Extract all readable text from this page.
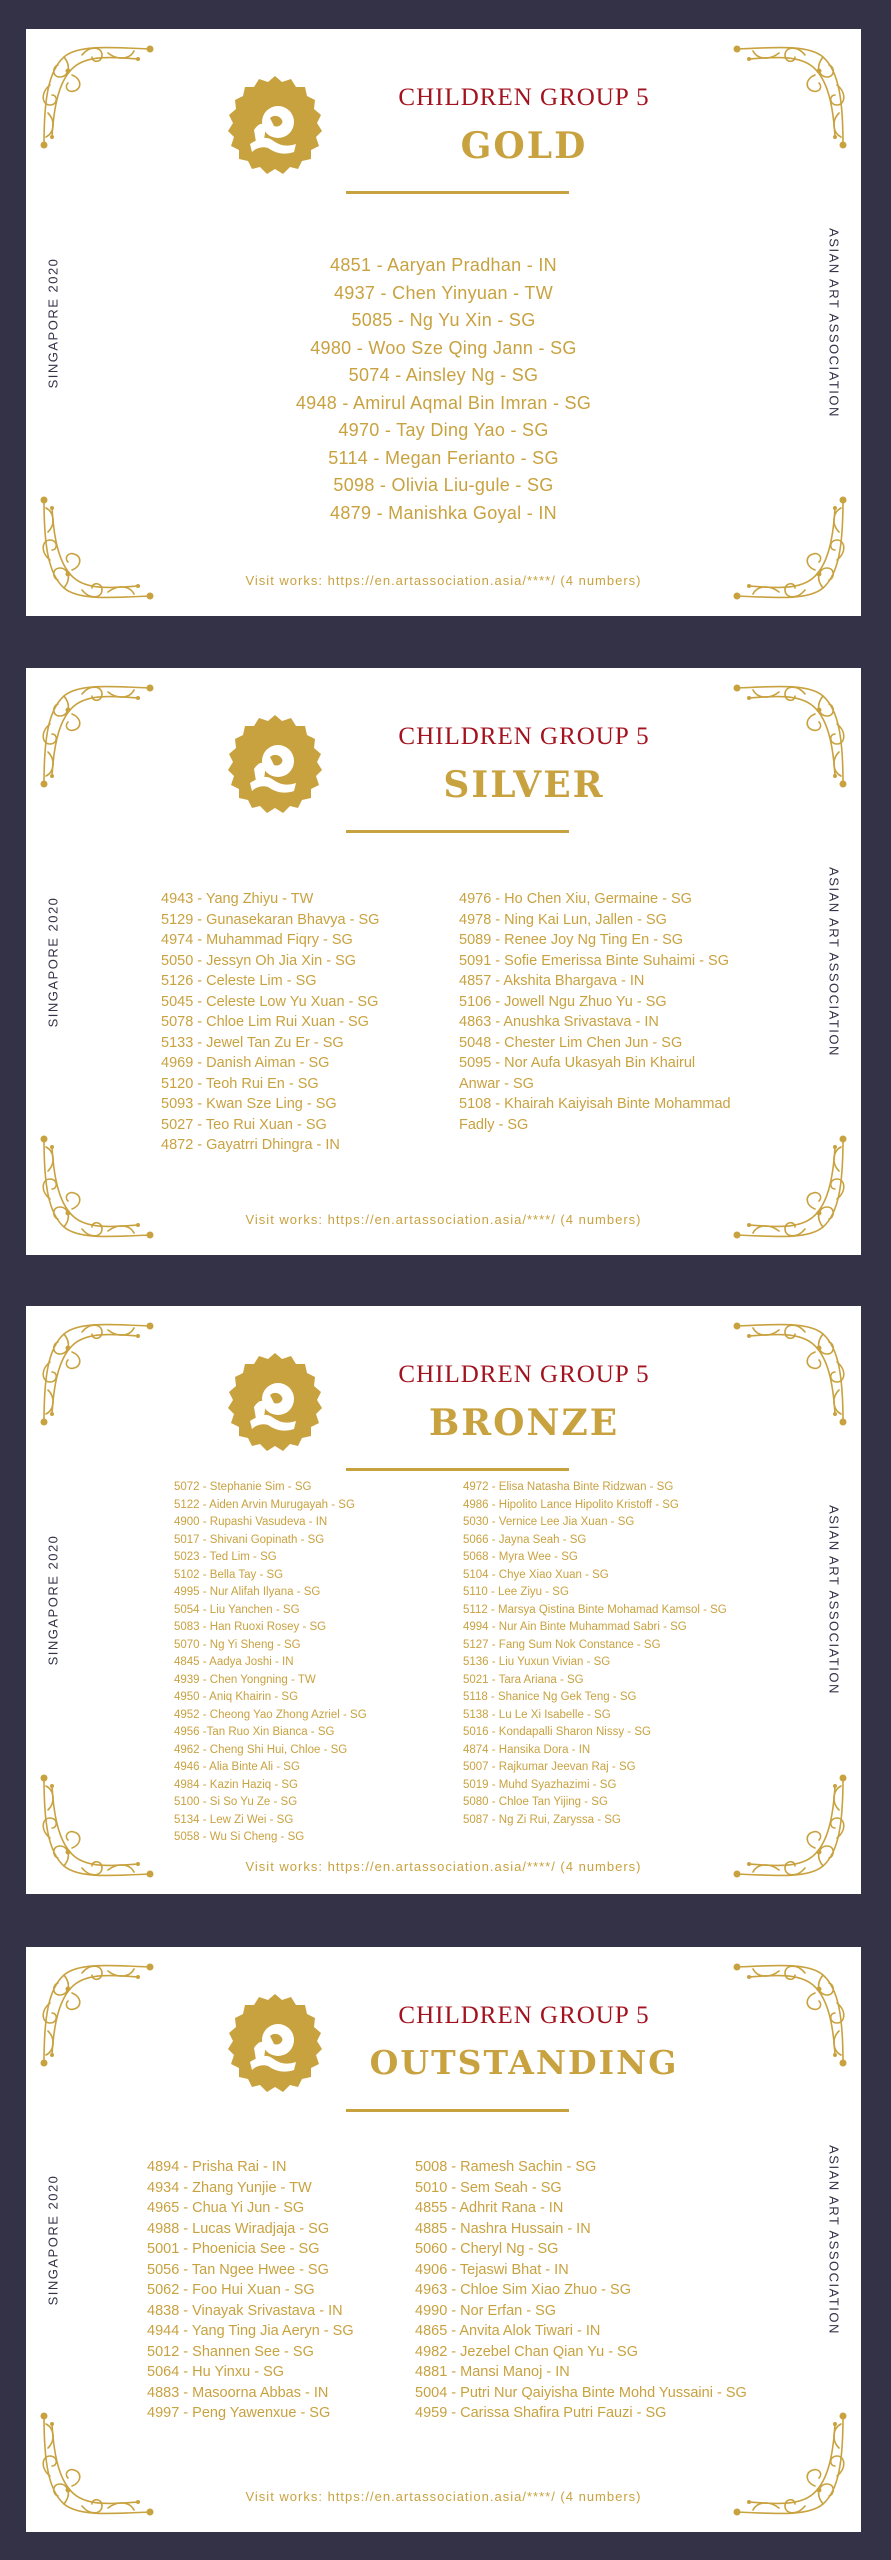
SINGAPORE 2020	ASIAN ART ASSOCIATION
CHILDREN GROUP 5
GOLD
4851 - Aaryan Pradhan - IN
4937 - Chen Yinyuan - TW
5085 - Ng Yu Xin - SG
4980 - Woo Sze Qing Jann - SG
5074 - Ainsley Ng - SG
4948 - Amirul Aqmal Bin Imran - SG
4970 - Tay Ding Yao - SG
5114 - Megan Ferianto - SG
5098 - Olivia Liu-gule - SG
4879 - Manishka Goyal - IN
Visit works: https://en.artassociation.asia/****/ (4 numbers)
SINGAPORE 2020	ASIAN ART ASSOCIATION
CHILDREN GROUP 5
SILVER
4943 - Yang Zhiyu - TW
5129 - Gunasekaran Bhavya - SG
4974 - Muhammad Fiqry - SG
5050 - Jessyn Oh Jia Xin - SG
5126 - Celeste Lim - SG
5045 - Celeste Low Yu Xuan - SG
5078 - Chloe Lim Rui Xuan - SG
5133 - Jewel Tan Zu Er - SG
4969 - Danish Aiman - SG
5120 - Teoh Rui En - SG
5093 - Kwan Sze Ling - SG
5027 - Teo Rui Xuan - SG
4872 - Gayatrri Dhingra - IN
4976 - Ho Chen Xiu, Germaine - SG
4978 - Ning Kai Lun, Jallen - SG
5089 - Renee Joy Ng Ting En - SG
5091 - Sofie Emerissa Binte Suhaimi - SG
4857 - Akshita Bhargava - IN
5106 - Jowell Ngu Zhuo Yu - SG
4863 - Anushka Srivastava - IN
5048 - Chester Lim Chen Jun - SG
5095 - Nor Aufa Ukasyah Bin Khairul
Anwar - SG
5108 - Khairah Kaiyisah Binte Mohammad
Fadly - SG
Visit works: https://en.artassociation.asia/****/ (4 numbers)
SINGAPORE 2020	ASIAN ART ASSOCIATION
CHILDREN GROUP 5
BRONZE
5072 - Stephanie Sim - SG
5122 - Aiden Arvin Murugayah - SG
4900 - Rupashi Vasudeva - IN
5017 - Shivani Gopinath - SG
5023 - Ted Lim - SG
5102 - Bella Tay - SG
4995 - Nur Alifah Ilyana - SG
5054 - Liu Yanchen - SG
5083 - Han Ruoxi Rosey - SG
5070 - Ng Yi Sheng - SG
4845 - Aadya Joshi - IN
4939 - Chen Yongning - TW
4950 - Aniq Khairin - SG
4952 - Cheong Yao Zhong Azriel - SG
4956 -Tan Ruo Xin Bianca - SG
4962 - Cheng Shi Hui, Chloe - SG
4946 - Alia Binte Ali - SG
4984 - Kazin Haziq - SG
5100 - Si So Yu Ze - SG
5134 - Lew Zi Wei - SG
5058 - Wu Si Cheng - SG
4972 - Elisa Natasha Binte Ridzwan - SG
4986 - Hipolito Lance Hipolito Kristoff - SG
5030 - Vernice Lee Jia Xuan - SG
5066 - Jayna Seah - SG
5068 - Myra Wee - SG
5104 - Chye Xiao Xuan - SG
5110 - Lee Ziyu - SG
5112 - Marsya Qistina Binte Mohamad Kamsol - SG
4994 - Nur Ain Binte Muhammad Sabri - SG
5127 - Fang Sum Nok Constance - SG
5136 - Liu Yuxun Vivian - SG
5021 - Tara Ariana - SG
5118 - Shanice Ng Gek Teng - SG
5138 - Lu Le Xi Isabelle - SG
5016 - Kondapalli Sharon Nissy - SG
4874 - Hansika Dora - IN
5007 - Rajkumar Jeevan Raj - SG
5019 - Muhd Syazhazimi - SG
5080 - Chloe Tan Yijing - SG
5087 - Ng Zi Rui, Zaryssa - SG
Visit works: https://en.artassociation.asia/****/ (4 numbers)
SINGAPORE 2020	ASIAN ART ASSOCIATION
CHILDREN GROUP 5
OUTSTANDING
4894 - Prisha Rai - IN
4934 - Zhang Yunjie - TW
4965 - Chua Yi Jun - SG
4988 - Lucas Wiradjaja - SG
5001 - Phoenicia See - SG
5056 - Tan Ngee Hwee - SG
5062 - Foo Hui Xuan - SG
4838 - Vinayak Srivastava - IN
4944 - Yang Ting Jia Aeryn - SG
5012 - Shannen See - SG
5064 - Hu Yinxu - SG
4883 - Masoorna Abbas - IN
4997 - Peng Yawenxue - SG
5008 - Ramesh Sachin - SG
5010 - Sem Seah - SG
4855 - Adhrit Rana - IN
4885 - Nashra Hussain - IN
5060 - Cheryl Ng - SG
4906 - Tejaswi Bhat - IN
4963 - Chloe Sim Xiao Zhuo - SG
4990 - Nor Erfan - SG
4865 - Anvita Alok Tiwari - IN
4982 - Jezebel Chan Qian Yu - SG
4881 - Mansi Manoj - IN
5004 - Putri Nur Qaiyisha Binte Mohd Yussaini - SG
4959 - Carissa Shafira Putri Fauzi - SG
Visit works: https://en.artassociation.asia/****/ (4 numbers)
